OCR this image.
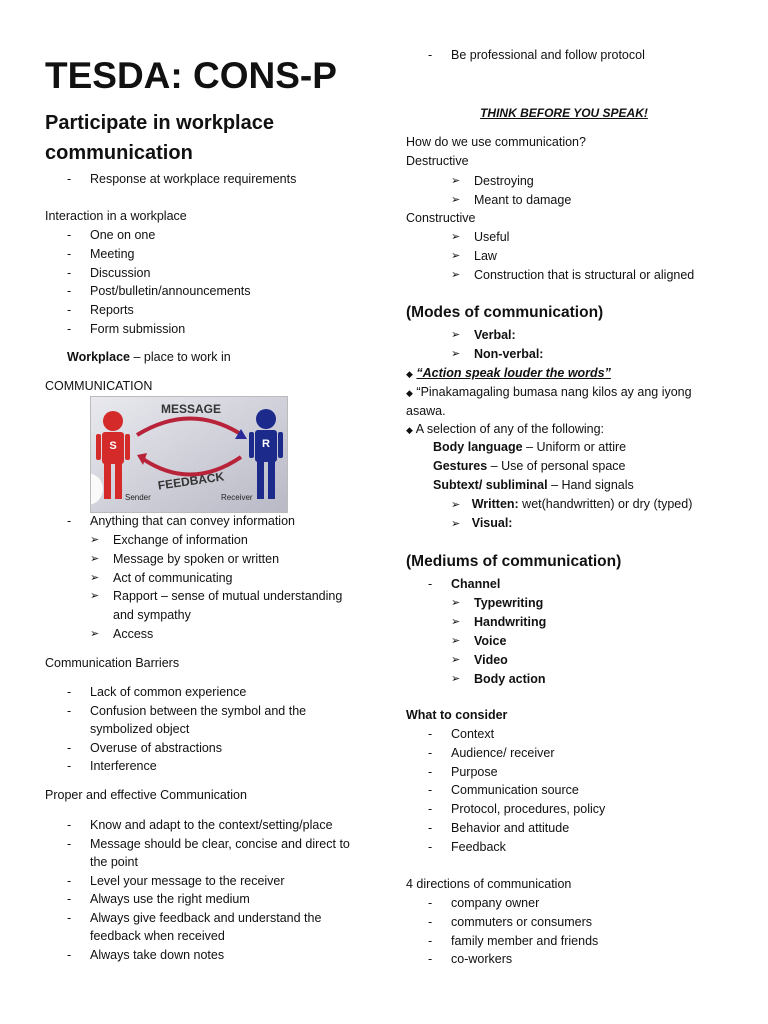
TESDA: CONS-P
Participate in workplace communication
-	Response at workplace requirements
Interaction in a workplace
-	One on one
-	Meeting
-	Discussion
-	Post/bulletin/announcements
-	Reports
-	Form submission
Workplace – place to work in
COMMUNICATION
S	R
MESSAGE
FEEDBACK
Sender	Receiver
-	Anything that can convey information
➢	Exchange of information
➢	Message by spoken or written
➢	Act of communicating
➢	Rapport – sense of mutual understanding and sympathy
➢	Access
Communication Barriers
-	Lack of common experience
-	Confusion between the symbol and the symbolized object
-	Overuse of abstractions
-	Interference
Proper and effective Communication
-	Know and adapt to the context/setting/place
-	Message should be clear, concise and direct to the point
-	Level your message to the receiver
-	Always use the right medium
-	Always give feedback and understand the feedback when received
-	Always take down notes
-	Be professional and follow protocol
THINK BEFORE YOU SPEAK!
How do we use communication?
Destructive
➢	Destroying
➢	Meant to damage
Constructive
➢	Useful
➢	Law
➢	Construction that is structural or aligned
(Modes of communication)
➢	Verbal:
➢	Non-verbal:
◆ “Action speak louder the words”
◆ “Pinakamagaling bumasa nang kilos ay ang iyong asawa.
◆ A selection of any of the following:
Body language – Uniform or attire
Gestures – Use of personal space
Subtext/ subliminal – Hand signals
➢ Written: wet(handwritten) or dry (typed)
➢ Visual:
(Mediums of communication)
-	Channel
➢	Typewriting
➢	Handwriting
➢	Voice
➢	Video
➢	Body action
What to consider
-	Context
-	Audience/ receiver
-	Purpose
-	Communication source
-	Protocol, procedures, policy
-	Behavior and attitude
-	Feedback
4 directions of communication
-	company owner
-	commuters or consumers
-	family member and friends
-	co-workers
